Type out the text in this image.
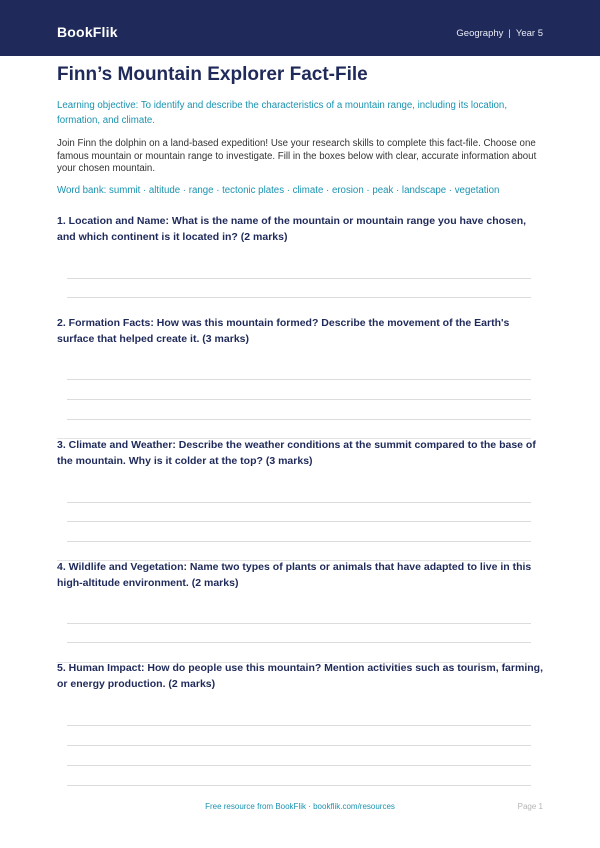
BookFlik	Geography | Year 5
Finn’s Mountain Explorer Fact-File
Learning objective: To identify and describe the characteristics of a mountain range, including its location, formation, and climate.
Join Finn the dolphin on a land-based expedition! Use your research skills to complete this fact-file. Choose one famous mountain or mountain range to investigate. Fill in the boxes below with clear, accurate information about your chosen mountain.
Word bank: summit · altitude · range · tectonic plates · climate · erosion · peak · landscape · vegetation
1. Location and Name: What is the name of the mountain or mountain range you have chosen, and which continent is it located in? (2 marks)
2. Formation Facts: How was this mountain formed? Describe the movement of the Earth's surface that helped create it. (3 marks)
3. Climate and Weather: Describe the weather conditions at the summit compared to the base of the mountain. Why is it colder at the top? (3 marks)
4. Wildlife and Vegetation: Name two types of plants or animals that have adapted to live in this high-altitude environment. (2 marks)
5. Human Impact: How do people use this mountain? Mention activities such as tourism, farming, or energy production. (2 marks)
Free resource from BookFlik · bookflik.com/resources	Page 1
